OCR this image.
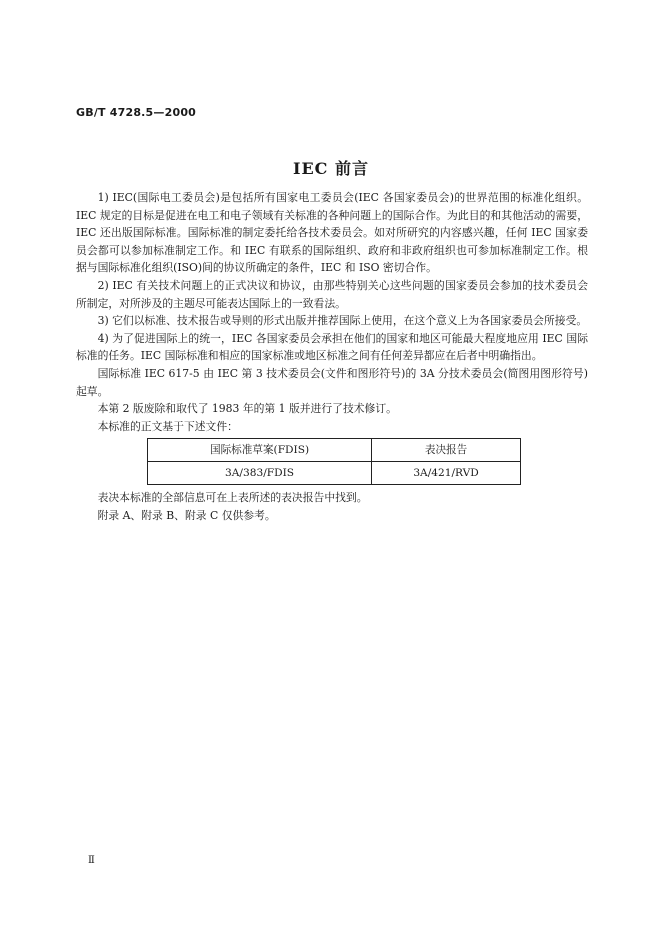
GB/T 4728.5—2000
IEC 前言

1) IEC(国际电工委员会)是包括所有国家电工委员会(IEC 各国家委员会)的世界范围的标准化组织。IEC 规定的目标是促进在电工和电子领域有关标准的各种问题上的国际合作。为此目的和其他活动的需要，IEC 还出版国际标准。国际标准的制定委托给各技术委员会。如对所研究的内容感兴趣，任何 IEC 国家委员会都可以参加标准制定工作。和 IEC 有联系的国际组织、政府和非政府组织也可参加标准制定工作。根据与国际标准化组织(ISO)间的协议所确定的条件，IEC 和 ISO 密切合作。

2) IEC 有关技术问题上的正式决议和协议，由那些特别关心这些问题的国家委员会参加的技术委员会所制定，对所涉及的主题尽可能表达国际上的一致看法。

3) 它们以标准、技术报告或导则的形式出版并推荐国际上使用，在这个意义上为各国家委员会所接受。

4) 为了促进国际上的统一，IEC 各国家委员会承担在他们的国家和地区可能最大程度地应用 IEC 国际标准的任务。IEC 国际标准和相应的国家标准或地区标准之间有任何差异都应在后者中明确指出。

国际标准 IEC 617-5 由 IEC 第 3 技术委员会(文件和图形符号)的 3A 分技术委员会(简图用图形符号)起草。

本第 2 版废除和取代了 1983 年的第 1 版并进行了技术修订。

本标准的正文基于下述文件：

国际标准草案(FDIS)	表决报告
3A/383/FDIS	3A/421/RVD

表决本标准的全部信息可在上表所述的表决报告中找到。

附录 A、附录 B、附录 C 仅供参考。

Ⅱ
